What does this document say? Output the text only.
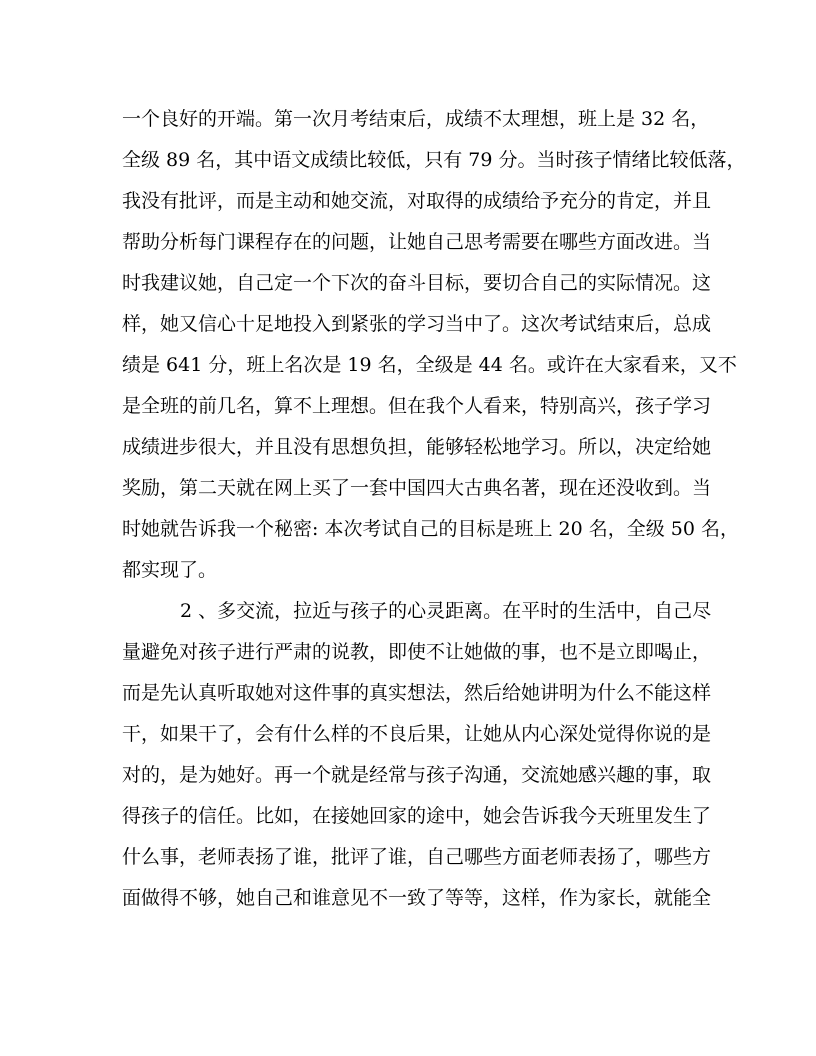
一个良好的开端。第一次月考结束后，成绩不太理想，班上是 32 名，
全级 89 名，其中语文成绩比较低，只有 79 分。当时孩子情绪比较低落，
我没有批评，而是主动和她交流，对取得的成绩给予充分的肯定，并且
帮助分析每门课程存在的问题，让她自己思考需要在哪些方面改进。当
时我建议她，自己定一个下次的奋斗目标，要切合自己的实际情况。这
样，她又信心十足地投入到紧张的学习当中了。这次考试结束后，总成
绩是 641 分，班上名次是 19 名，全级是 44 名。或许在大家看来，又不
是全班的前几名，算不上理想。但在我个人看来，特别高兴，孩子学习
成绩进步很大，并且没有思想负担，能够轻松地学习。所以，决定给她
奖励，第二天就在网上买了一套中国四大古典名著，现在还没收到。当
时她就告诉我一个秘密: 本次考试自己的目标是班上 20 名，全级 50 名，
都实现了。
2 、多交流，拉近与孩子的心灵距离。在平时的生活中，自己尽
量避免对孩子进行严肃的说教，即使不让她做的事，也不是立即喝止，
而是先认真听取她对这件事的真实想法，然后给她讲明为什么不能这样
干，如果干了，会有什么样的不良后果，让她从内心深处觉得你说的是
对的，是为她好。再一个就是经常与孩子沟通，交流她感兴趣的事，取
得孩子的信任。比如，在接她回家的途中，她会告诉我今天班里发生了
什么事，老师表扬了谁，批评了谁，自己哪些方面老师表扬了，哪些方
面做得不够，她自己和谁意见不一致了等等，这样，作为家长，就能全
